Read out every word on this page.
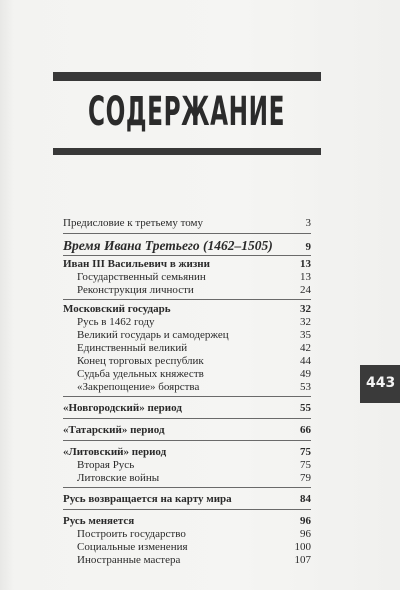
СОДЕРЖАНИЕ
Предисловие к третьему тому	3
Время Ивана Третьего (1462–1505)	9
Иван III Васильевич в жизни	13
Государственный семьянин	13
Реконструкция личности	24
Московский государь	32
Русь в 1462 году	32
Великий государь и самодержец	35
Единственный великий	42
Конец торговых республик	44
Судьба удельных княжеств	49
«Закрепощение» боярства	53
«Новгородский» период	55
«Татарский» период	66
«Литовский» период	75
Вторая Русь	75
Литовские войны	79
Русь возвращается на карту мира	84
Русь меняется	96
Построить государство	96
Социальные изменения	100
Иностранные мастера	107
443
